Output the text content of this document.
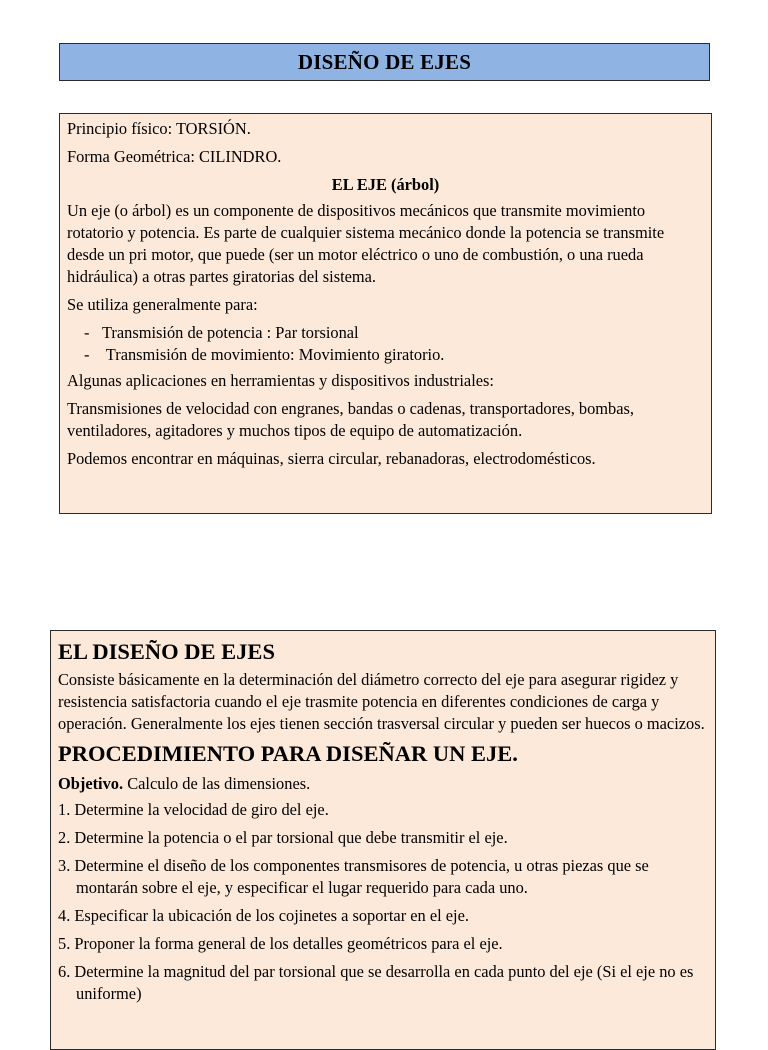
DISEÑO DE EJES

Principio físico: TORSIÓN.

Forma Geométrica: CILINDRO.

EL EJE (árbol)

Un eje (o árbol) es un componente de dispositivos mecánicos que transmite movimiento rotatorio y potencia. Es parte de cualquier sistema mecánico donde la potencia se transmite desde un pri motor, que puede (ser un motor eléctrico o uno de combustión, o una rueda hidráulica) a otras partes giratorias del sistema.

Se utiliza generalmente para:

- Transmisión de potencia : Par torsional
- Transmisión de movimiento: Movimiento giratorio.

Algunas aplicaciones en herramientas y dispositivos industriales:

Transmisiones de velocidad con engranes, bandas o cadenas, transportadores, bombas, ventiladores, agitadores y muchos tipos de equipo de automatización.

Podemos encontrar en máquinas, sierra circular, rebanadoras, electrodomésticos.

EL DISEÑO DE EJES

Consiste básicamente en la determinación del diámetro correcto del eje para asegurar rigidez y resistencia satisfactoria cuando el eje trasmite potencia en diferentes condiciones de carga y operación. Generalmente los ejes tienen sección trasversal circular y pueden ser huecos o macizos.

PROCEDIMIENTO PARA DISEÑAR UN EJE.

Objetivo. Calculo de las dimensiones.

1. Determine la velocidad de giro del eje.
2. Determine la potencia o el par torsional que debe transmitir el eje.
3. Determine el diseño de los componentes transmisores de potencia, u otras piezas que se montarán sobre el eje, y especificar el lugar requerido para cada uno.
4. Especificar la ubicación de los cojinetes a soportar en el eje.
5. Proponer la forma general de los detalles geométricos para el eje.
6. Determine la magnitud del par torsional que se desarrolla en cada punto del eje (Si el eje no es uniforme)
